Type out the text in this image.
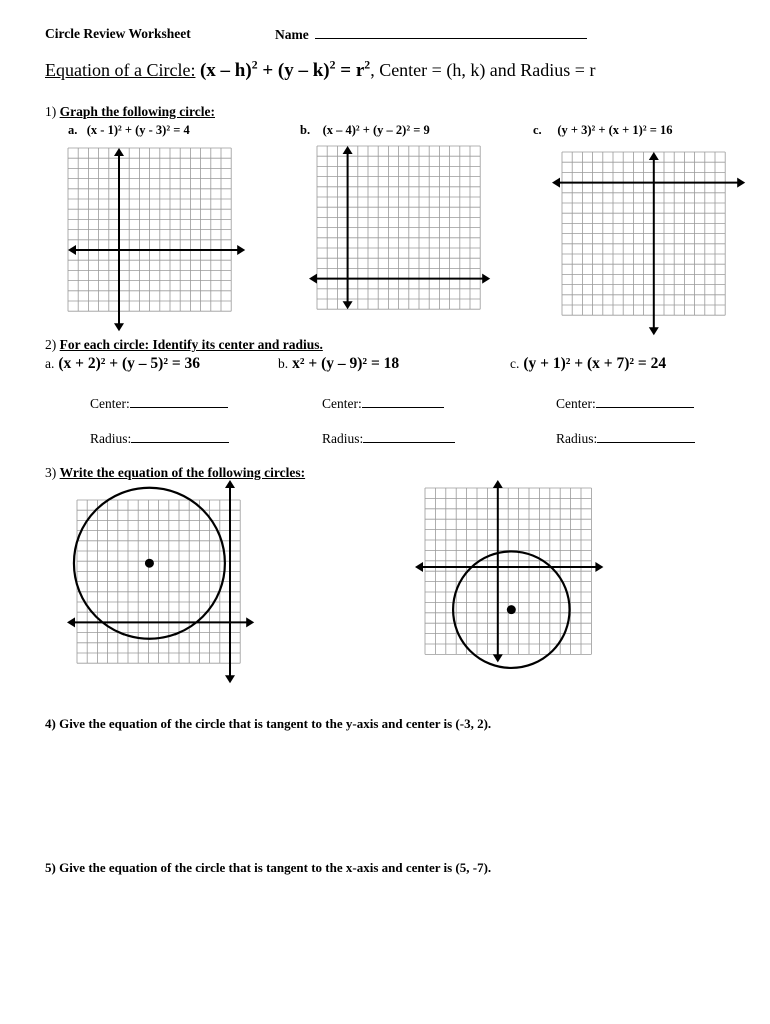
Circle Review Worksheet	Name
Equation of a Circle: $(x - h)^2 + (y - k)^2 = r^2$, Center = (h, k) and Radius = r
1) Graph the following circle:
a. (x - 1)² + (y - 3)² = 4	b. (x – 4)² + (y – 2)² = 9	c. (y + 3)² + (x + 1)² = 16
2) For each circle: Identify its center and radius.
a. (x + 2)² + (y – 5)² = 36	b. x² + (y – 9)² = 18	c. (y + 1)² + (x + 7)² = 24
Center:	Center:	Center:
Radius:	Radius:	Radius:
3) Write the equation of the following circles:
4) Give the equation of the circle that is tangent to the y-axis and center is (-3, 2).
5) Give the equation of the circle that is tangent to the x-axis and center is (5, -7).
